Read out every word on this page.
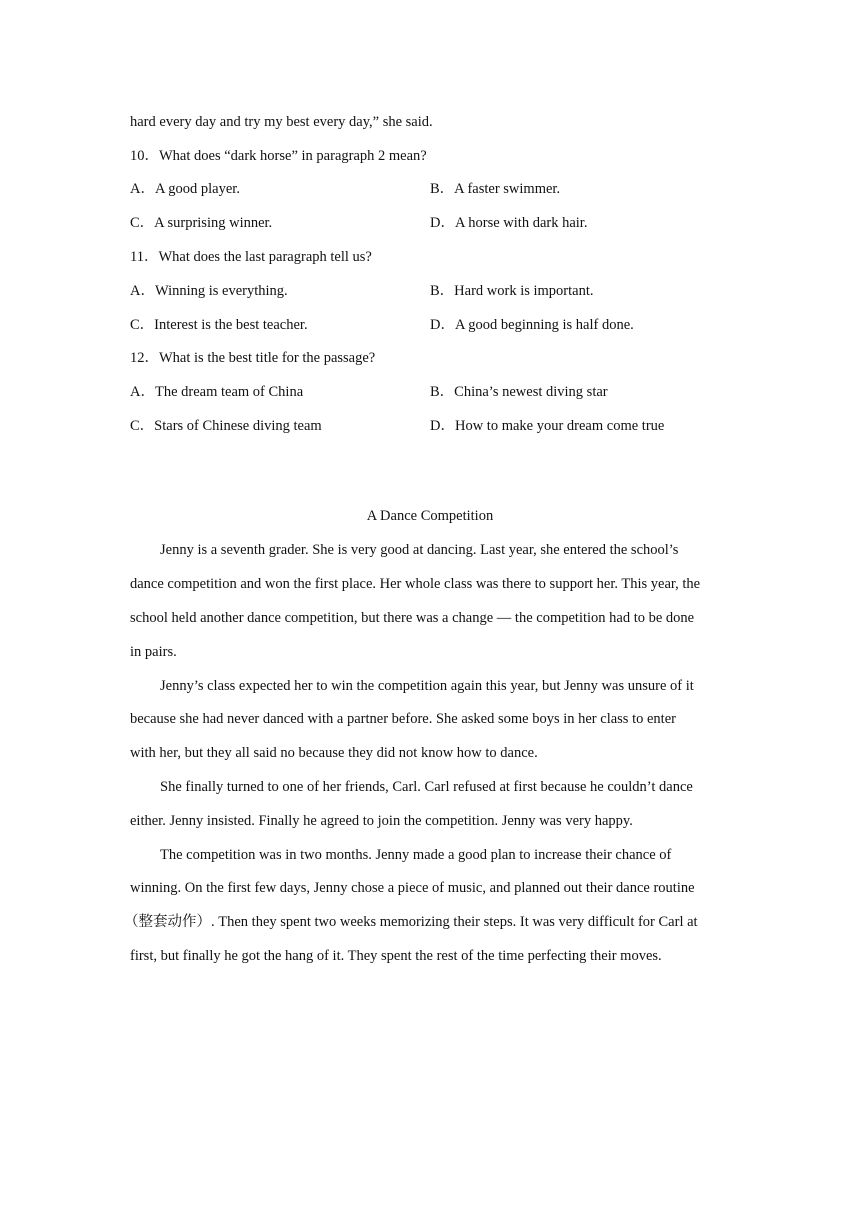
hard every day and try my best every day,” she said.
10．What does “dark horse” in paragraph 2 mean?
A．A good player.	B．A faster swimmer.
C．A surprising winner.	D．A horse with dark hair.
11．What does the last paragraph tell us?
A．Winning is everything.	B．Hard work is important.
C．Interest is the best teacher.	D．A good beginning is half done.
12．What is the best title for the passage?
A．The dream team of China	B．China’s newest diving star
C．Stars of Chinese diving team	D．How to make your dream come true
A Dance Competition
Jenny is a seventh grader. She is very good at dancing. Last year, she entered the school’s
dance competition and won the first place. Her whole class was there to support her. This year, the
school held another dance competition, but there was a change — the competition had to be done
in pairs.
Jenny’s class expected her to win the competition again this year, but Jenny was unsure of it
because she had never danced with a partner before. She asked some boys in her class to enter
with her, but they all said no because they did not know how to dance.
She finally turned to one of her friends, Carl. Carl refused at first because he couldn’t dance
either. Jenny insisted. Finally he agreed to join the competition. Jenny was very happy.
The competition was in two months. Jenny made a good plan to increase their chance of
winning. On the first few days, Jenny chose a piece of music, and planned out their dance routine
（整套动作）. Then they spent two weeks memorizing their steps. It was very difficult for Carl at
first, but finally he got the hang of it. They spent the rest of the time perfecting their moves.
